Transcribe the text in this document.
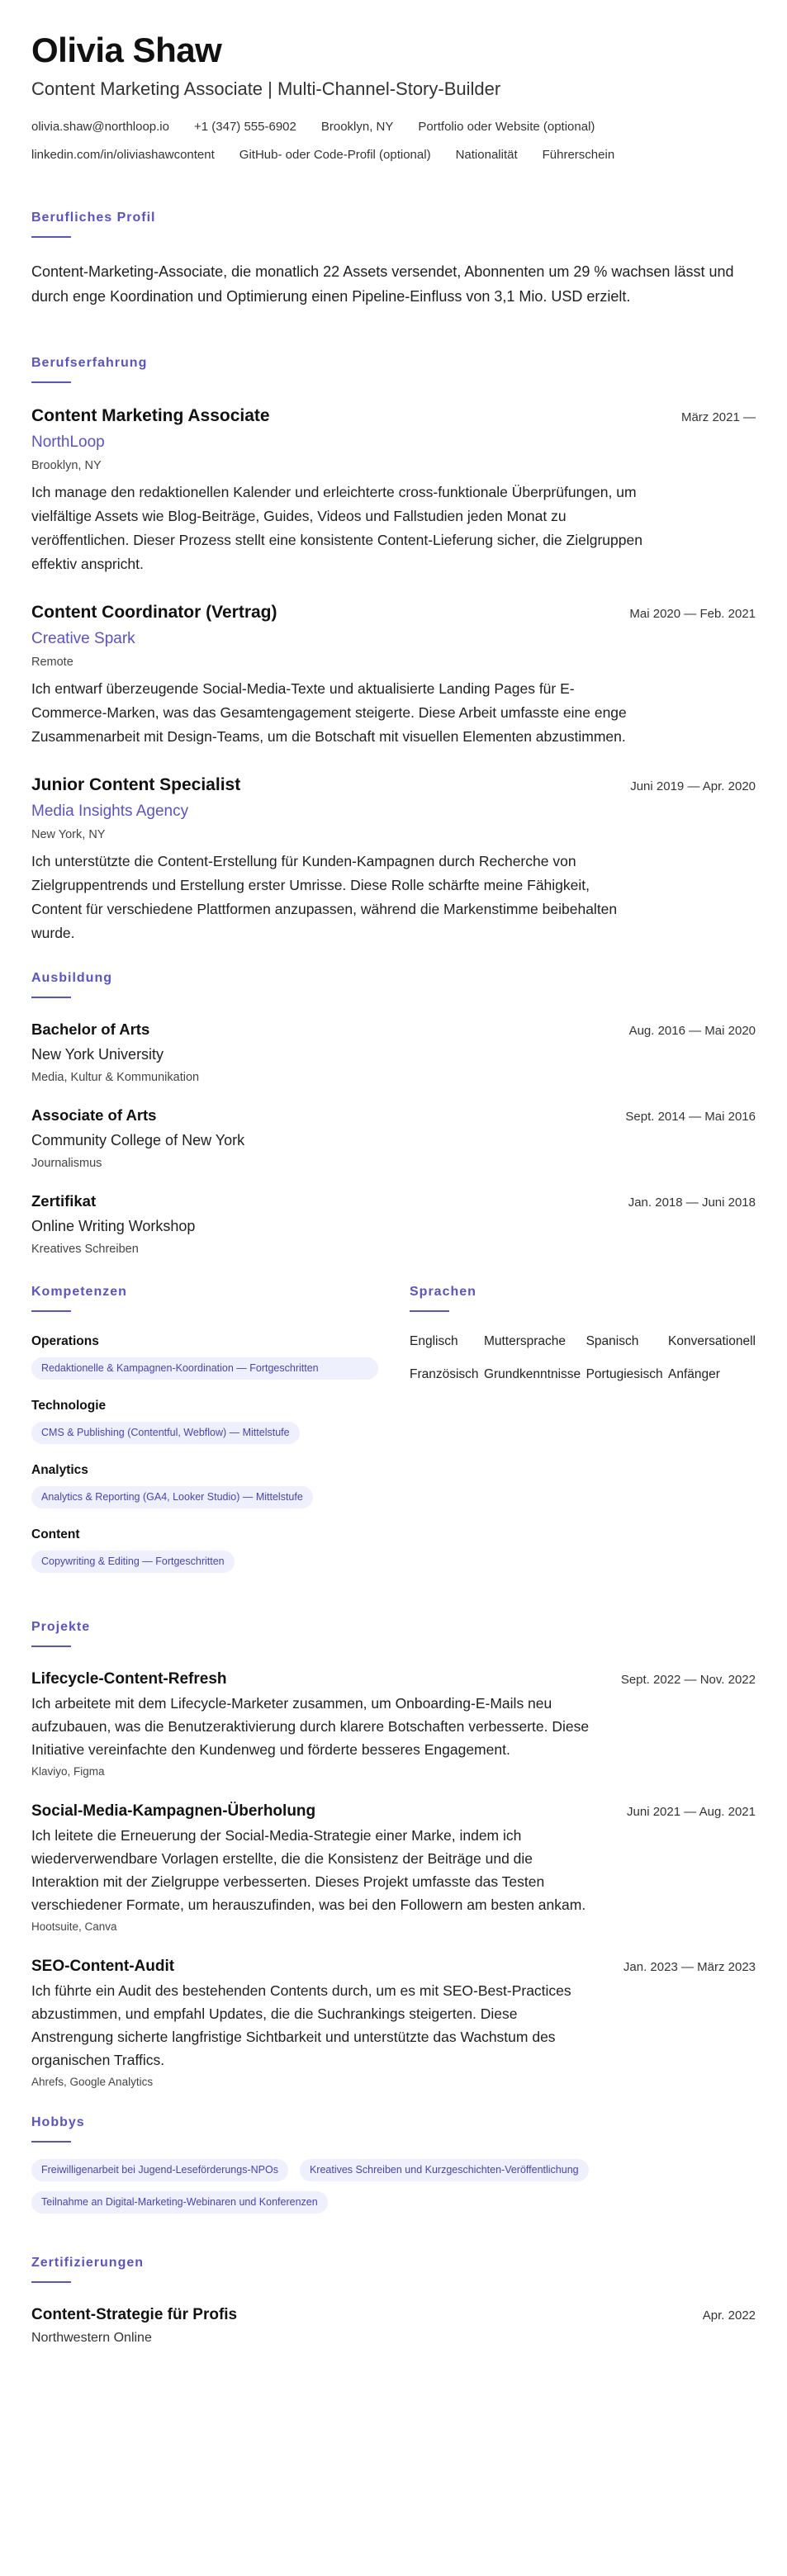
Olivia Shaw
Content Marketing Associate | Multi-Channel-Story-Builder
olivia.shaw@northloop.io +1 (347) 555-6902 Brooklyn, NY Portfolio oder Website (optional)
linkedin.com/in/oliviashawcontent GitHub- oder Code-Profil (optional) Nationalität Führerschein
Berufliches Profil

Content-Marketing-Associate, die monatlich 22 Assets versendet, Abonnenten um 29 % wachsen lässt und durch enge Koordination und Optimierung einen Pipeline-Einfluss von 3,1 Mio. USD erzielt.

Berufserfahrung
Content Marketing Associate	März 2021 —
NorthLoop
Brooklyn, NY

Ich manage den redaktionellen Kalender und erleichterte cross-funktionale Überprüfungen, um vielfältige Assets wie Blog-Beiträge, Guides, Videos und Fallstudien jeden Monat zu veröffentlichen. Dieser Prozess stellt eine konsistente Content-Lieferung sicher, die Zielgruppen effektiv anspricht.

Content Coordinator (Vertrag)	Mai 2020 — Feb. 2021
Creative Spark
Remote

Ich entwarf überzeugende Social-Media-Texte und aktualisierte Landing Pages für E-Commerce-Marken, was das Gesamtengagement steigerte. Diese Arbeit umfasste eine enge Zusammenarbeit mit Design-Teams, um die Botschaft mit visuellen Elementen abzustimmen.

Junior Content Specialist	Juni 2019 — Apr. 2020
Media Insights Agency
New York, NY

Ich unterstützte die Content-Erstellung für Kunden-Kampagnen durch Recherche von Zielgruppentrends und Erstellung erster Umrisse. Diese Rolle schärfte meine Fähigkeit, Content für verschiedene Plattformen anzupassen, während die Markenstimme beibehalten wurde.

Ausbildung
Bachelor of Arts	Aug. 2016 — Mai 2020
New York University
Media, Kultur & Kommunikation
Associate of Arts	Sept. 2014 — Mai 2016
Community College of New York
Journalismus
Zertifikat	Jan. 2018 — Juni 2018
Online Writing Workshop
Kreatives Schreiben
Kompetenzen
Operations
Redaktionelle & Kampagnen-Koordination — Fortgeschritten
Technologie
CMS & Publishing (Contentful, Webflow) — Mittelstufe
Analytics
Analytics & Reporting (GA4, Looker Studio) — Mittelstufe
Content
Copywriting & Editing — Fortgeschritten
Sprachen
Englisch	Muttersprache	Spanisch	Konversationell
Französisch Grundkenntnisse Portugiesisch Anfänger
Projekte
Lifecycle-Content-Refresh	Sept. 2022 — Nov. 2022

Ich arbeitete mit dem Lifecycle-Marketer zusammen, um Onboarding-E-Mails neu aufzubauen, was die Benutzeraktivierung durch klarere Botschaften verbesserte. Diese Initiative vereinfachte den Kundenweg und förderte besseres Engagement.

Klaviyo, Figma
Social-Media-Kampagnen-Überholung	Juni 2021 — Aug. 2021

Ich leitete die Erneuerung der Social-Media-Strategie einer Marke, indem ich wiederverwendbare Vorlagen erstellte, die die Konsistenz der Beiträge und die Interaktion mit der Zielgruppe verbesserten. Dieses Projekt umfasste das Testen verschiedener Formate, um herauszufinden, was bei den Followern am besten ankam.

Hootsuite, Canva
SEO-Content-Audit	Jan. 2023 — März 2023

Ich führte ein Audit des bestehenden Contents durch, um es mit SEO-Best-Practices abzustimmen, und empfahl Updates, die die Suchrankings steigerten. Diese Anstrengung sicherte langfristige Sichtbarkeit und unterstützte das Wachstum des organischen Traffics.

Ahrefs, Google Analytics
Hobbys
Freiwilligenarbeit bei Jugend-Leseförderungs-NPOs	Kreatives Schreiben und Kurzgeschichten-Veröffentlichung
Teilnahme an Digital-Marketing-Webinaren und Konferenzen
Zertifizierungen
Content-Strategie für Profis	Apr. 2022
Northwestern Online
